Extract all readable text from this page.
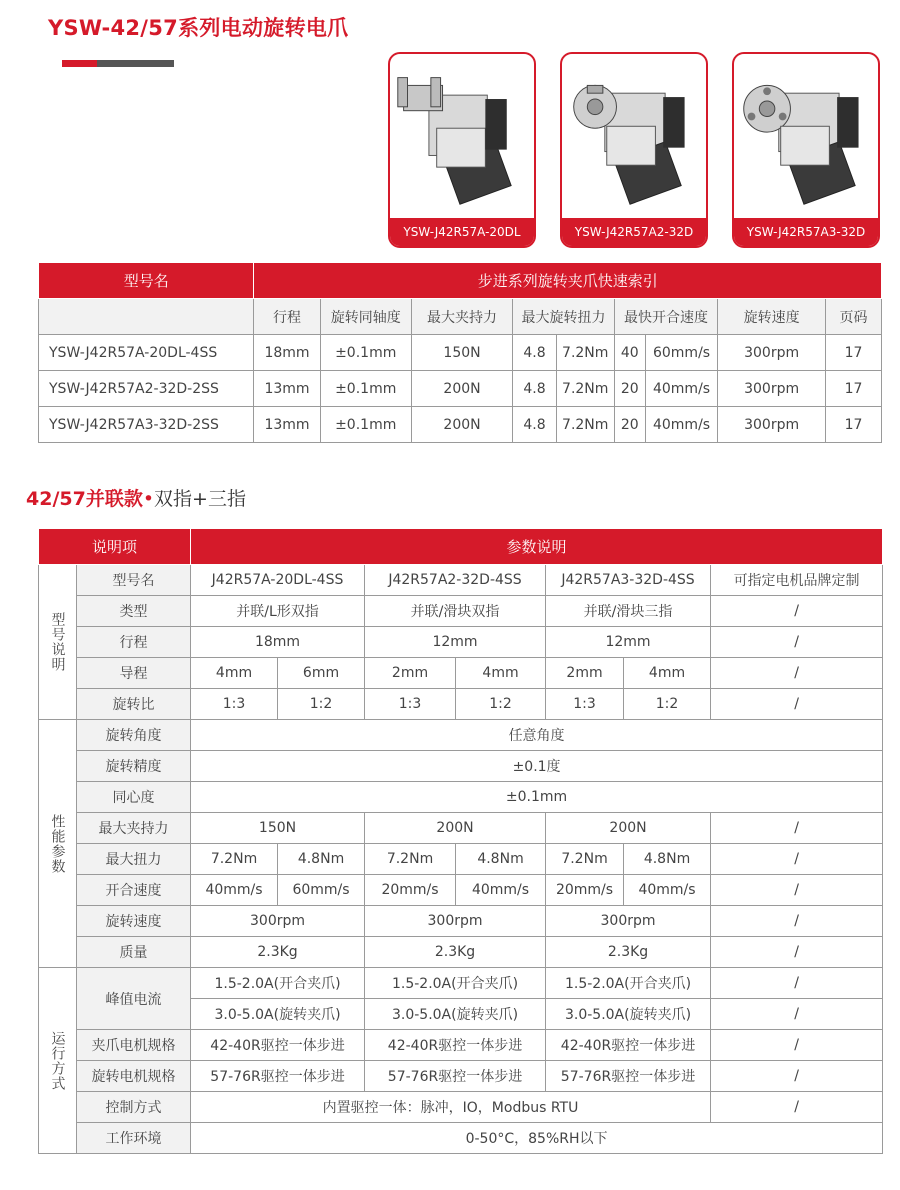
YSW-42/57系列电动旋转电爪
YSW-J42R57A-20DL	YSW-J42R57A2-32D	YSW-J42R57A3-32D
型号名	步进系列旋转夹爪快速索引								
	行程	旋转同轴度	最大夹持力	最大旋转扭力		最快开合速度		旋转速度	页码
YSW-J42R57A-20DL-4SS	18mm	±0.1mm	150N	4.8	7.2Nm	40	60mm/s	300rpm	17
YSW-J42R57A2-32D-2SS	13mm	±0.1mm	200N	4.8	7.2Nm	20	40mm/s	300rpm	17
YSW-J42R57A3-32D-2SS	13mm	±0.1mm	200N	4.8	7.2Nm	20	40mm/s	300rpm	17
42/57并联款•双指+三指
说明项		参数说明						
型号说明	型号名	J42R57A-20DL-4SS		J42R57A2-32D-4SS		J42R57A3-32D-4SS		可指定电机品牌定制
	类型	并联/L形双指		并联/滑块双指		并联/滑块三指		/
	行程	18mm		12mm		12mm		/
	导程	4mm	6mm	2mm	4mm	2mm	4mm	/
	旋转比	1:3	1:2	1:3	1:2	1:3	1:2	/
性能参数	旋转角度	任意角度						
	旋转精度	±0.1度						
	同心度	±0.1mm						
	最大夹持力	150N		200N		200N		/
	最大扭力	7.2Nm	4.8Nm	7.2Nm	4.8Nm	7.2Nm	4.8Nm	/
	开合速度	40mm/s	60mm/s	20mm/s	40mm/s	20mm/s	40mm/s	/
	旋转速度	300rpm		300rpm		300rpm		/
	质量	2.3Kg		2.3Kg		2.3Kg		/
运行方式	峰值电流	1.5-2.0A(开合夹爪)		1.5-2.0A(开合夹爪)		1.5-2.0A(开合夹爪)		/
		3.0-5.0A(旋转夹爪)		3.0-5.0A(旋转夹爪)		3.0-5.0A(旋转夹爪)		/
	夹爪电机规格	42-40R驱控一体步进		42-40R驱控一体步进		42-40R驱控一体步进		/
	旋转电机规格	57-76R驱控一体步进		57-76R驱控一体步进		57-76R驱控一体步进		/
	控制方式	内置驱控一体：脉冲，IO，Modbus RTU						/
	工作环境	0-50°C，85%RH以下						
